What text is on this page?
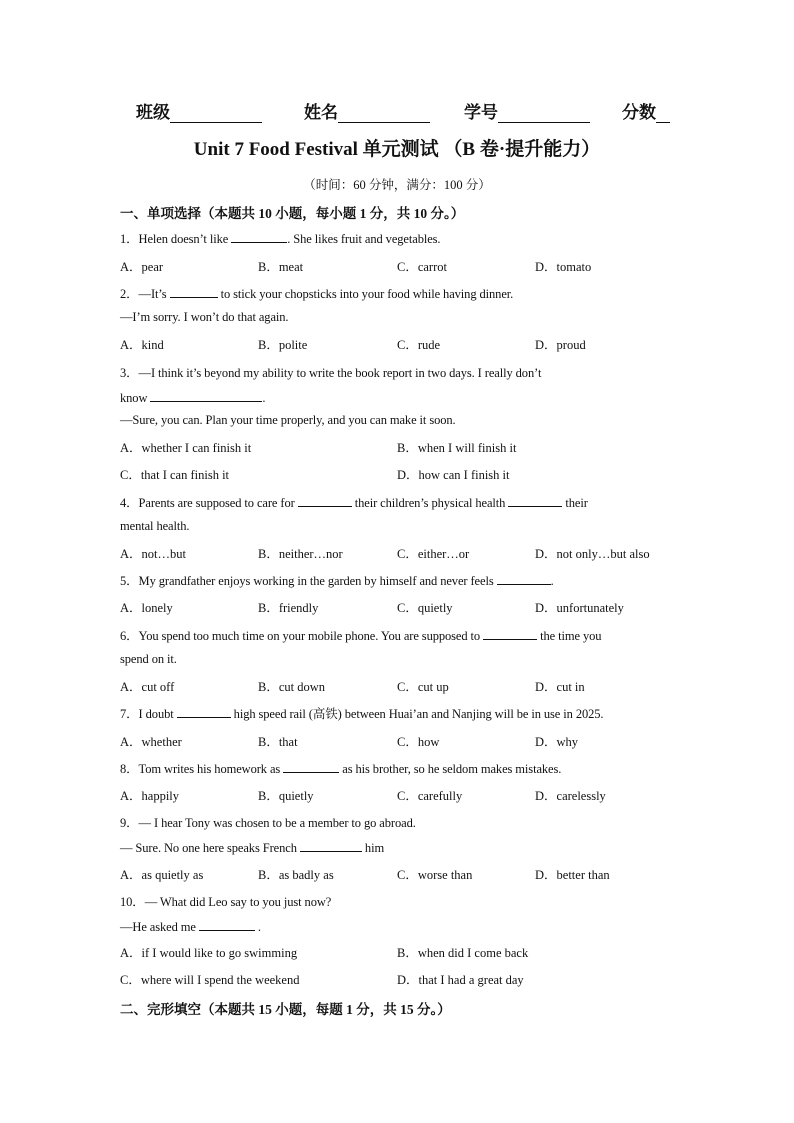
班级	姓名	学号	分数
Unit 7 Food Festival 单元测试 （B 卷·提升能力）
（时间：60 分钟，满分：100 分）
一、单项选择（本题共 10 小题，每小题 1 分，共 10 分。）
1．Helen doesn’t like	. She likes fruit and vegetables.
A．pear	B．meat	C．carrot	D．tomato
2．—It’s	to stick your chopsticks into your food while having dinner.
—I’m sorry. I won’t do that again.
A．kind	B．polite	C．rude	D．proud
3．—I think it’s beyond my ability to write the book report in two days. I really don’t
know	.
—Sure, you can. Plan your time properly, and you can make it soon.
A．whether I can finish it	B．when I will finish it
C．that I can finish it	D．how can I finish it
4．Parents are supposed to care for	their children’s physical health	their
mental health.
A．not…but	B．neither…nor	C．either…or	D．not only…but also
5．My grandfather enjoys working in the garden by himself and never feels	.
A．lonely	B．friendly	C．quietly	D．unfortunately
6．You spend too much time on your mobile phone. You are supposed to	the time you
spend on it.
A．cut off	B．cut down	C．cut up	D．cut in
7．I doubt	high speed rail (高铁) between Huai’an and Nanjing will be in use in 2025.
A．whether	B．that	C．how	D．why
8．Tom writes his homework as	as his brother, so he seldom makes mistakes.
A．happily	B．quietly	C．carefully	D．carelessly
9．— I hear Tony was chosen to be a member to go abroad.
— Sure. No one here speaks French	him
A．as quietly as	B．as badly as	C．worse than	D．better than
10．— What did Leo say to you just now?
—He asked me	.
A．if I would like to go swimming	B．when did I come back
C．where will I spend the weekend	D．that I had a great day
二、完形填空（本题共 15 小题，每题 1 分，共 15 分。）
